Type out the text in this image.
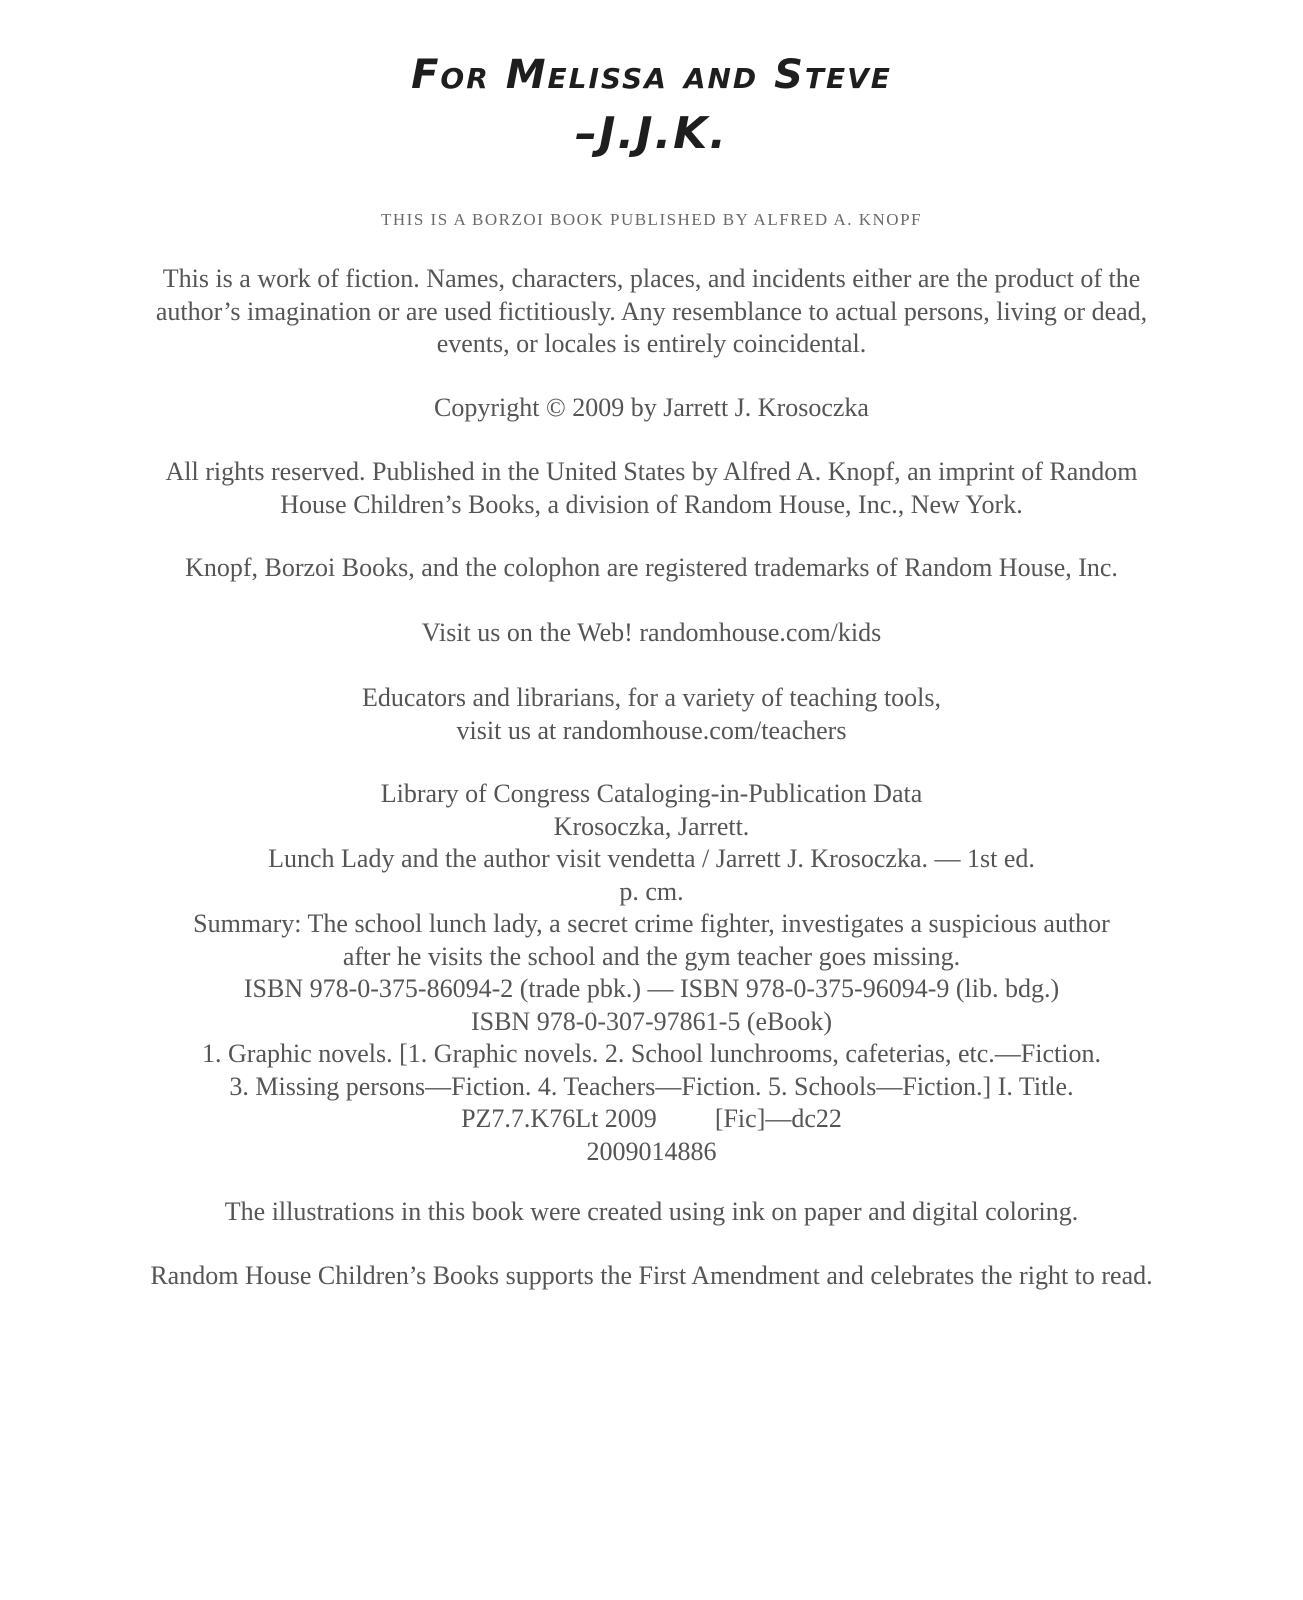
For Melissa and Steve
–J.J.K.
THIS IS A BORZOI BOOK PUBLISHED BY ALFRED A. KNOPF
This is a work of fiction. Names, characters, places, and incidents either are the product of the
author’s imagination or are used fictitiously. Any resemblance to actual persons, living or dead,
events, or locales is entirely coincidental.
Copyright © 2009 by Jarrett J. Krosoczka
All rights reserved. Published in the United States by Alfred A. Knopf, an imprint of Random
House Children’s Books, a division of Random House, Inc., New York.
Knopf, Borzoi Books, and the colophon are registered trademarks of Random House, Inc.
Visit us on the Web! randomhouse.com/kids
Educators and librarians, for a variety of teaching tools,
visit us at randomhouse.com/teachers
Library of Congress Cataloging-in-Publication Data
Krosoczka, Jarrett.
Lunch Lady and the author visit vendetta / Jarrett J. Krosoczka. — 1st ed.
p. cm.
Summary: The school lunch lady, a secret crime fighter, investigates a suspicious author
after he visits the school and the gym teacher goes missing.
ISBN 978-0-375-86094-2 (trade pbk.) — ISBN 978-0-375-96094-9 (lib. bdg.)
ISBN 978-0-307-97861-5 (eBook)
1. Graphic novels. [1. Graphic novels. 2. School lunchrooms, cafeterias, etc.—Fiction.
3. Missing persons—Fiction. 4. Teachers—Fiction. 5. Schools—Fiction.] I. Title.
PZ7.7.K76Lt 2009 [Fic]—dc22
2009014886
The illustrations in this book were created using ink on paper and digital coloring.
Random House Children’s Books supports the First Amendment and celebrates the right to read.
